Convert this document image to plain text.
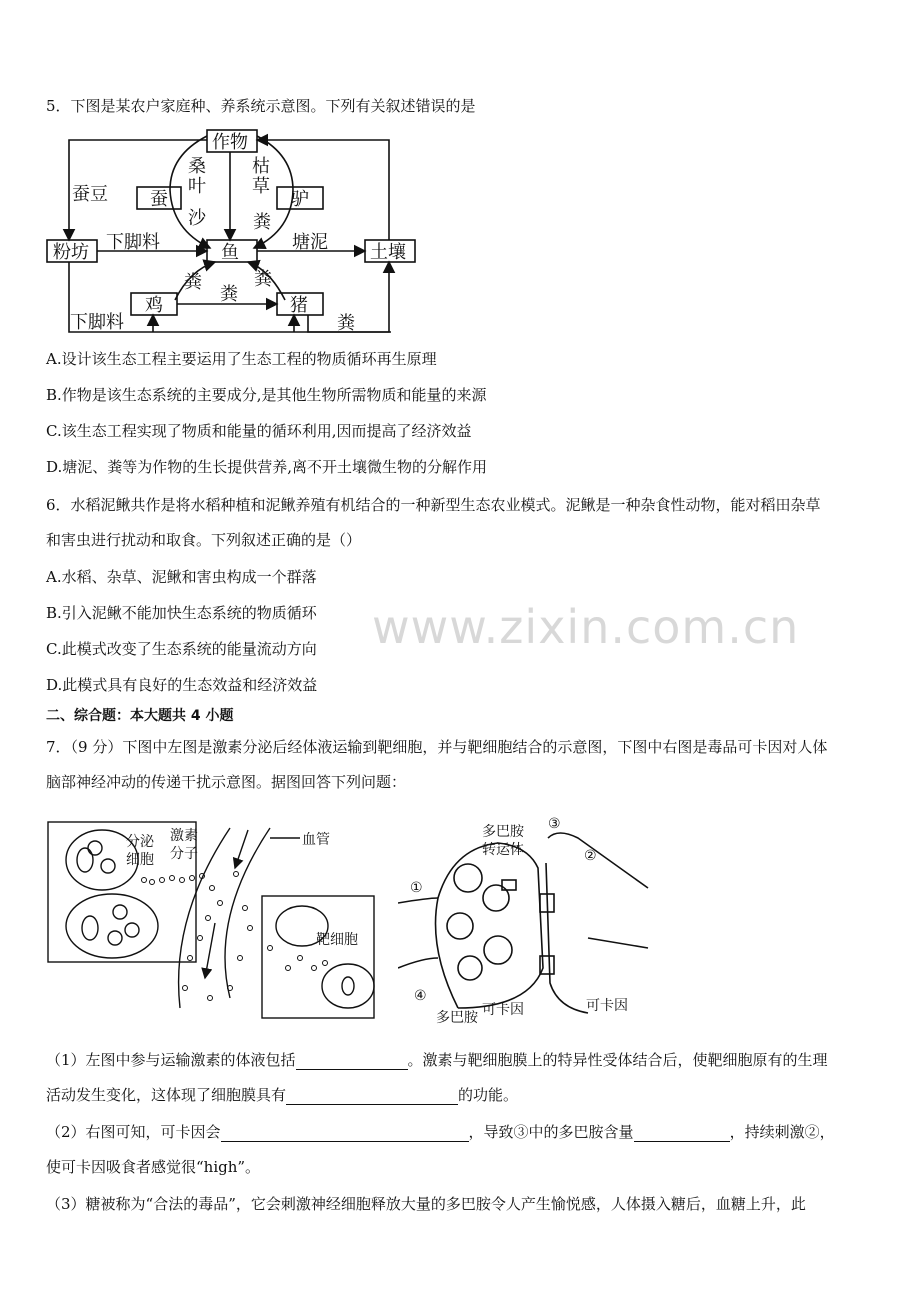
5．下图是某农户家庭种、养系统示意图。下列有关叙述错误的是
作物
蚕	驴
粉坊	鱼	土壤
鸡	猪
桑
叶
枯
草
沙	粪
粪	粪
粪
粪
蚕豆
下脚料
下脚料
塘泥
A.设计该生态工程主要运用了生态工程的物质循环再生原理
B.作物是该生态系统的主要成分,是其他生物所需物质和能量的来源
C.该生态工程实现了物质和能量的循环利用,因而提高了经济效益
D.塘泥、粪等为作物的生长提供营养,离不开土壤微生物的分解作用
6．水稻泥鳅共作是将水稻种植和泥鳅养殖有机结合的一种新型生态农业模式。泥鳅是一种杂食性动物，能对稻田杂草
和害虫进行扰动和取食。下列叙述正确的是（）
A.水稻、杂草、泥鳅和害虫构成一个群落
B.引入泥鳅不能加快生态系统的物质循环
C.此模式改变了生态系统的能量流动方向
D.此模式具有良好的生态效益和经济效益
www.zixin.com.cn
二、综合题：本大题共 4 小题
7．（9 分）下图中左图是激素分泌后经体液运输到靶细胞，并与靶细胞结合的示意图，下图中右图是毒品可卡因对人体
脑部神经冲动的传递干扰示意图。据图回答下列问题：
分泌
细胞
激素
分子
血管
靶细胞
多巴胺
转运体
③
②
①
④
多巴胺 可卡因	可卡因
（1）左图中参与运输激素的体液包括	。激素与靶细胞膜上的特异性受体结合后，使靶细胞原有的生理
活动发生变化，这体现了细胞膜具有	的功能。
（2）右图可知，可卡因会	，导致③中的多巴胺含量	，持续刺激②，
使可卡因吸食者感觉很“high”。
（3）糖被称为“合法的毒品”，它会刺激神经细胞释放大量的多巴胺令人产生愉悦感，人体摄入糖后，血糖上升，此
